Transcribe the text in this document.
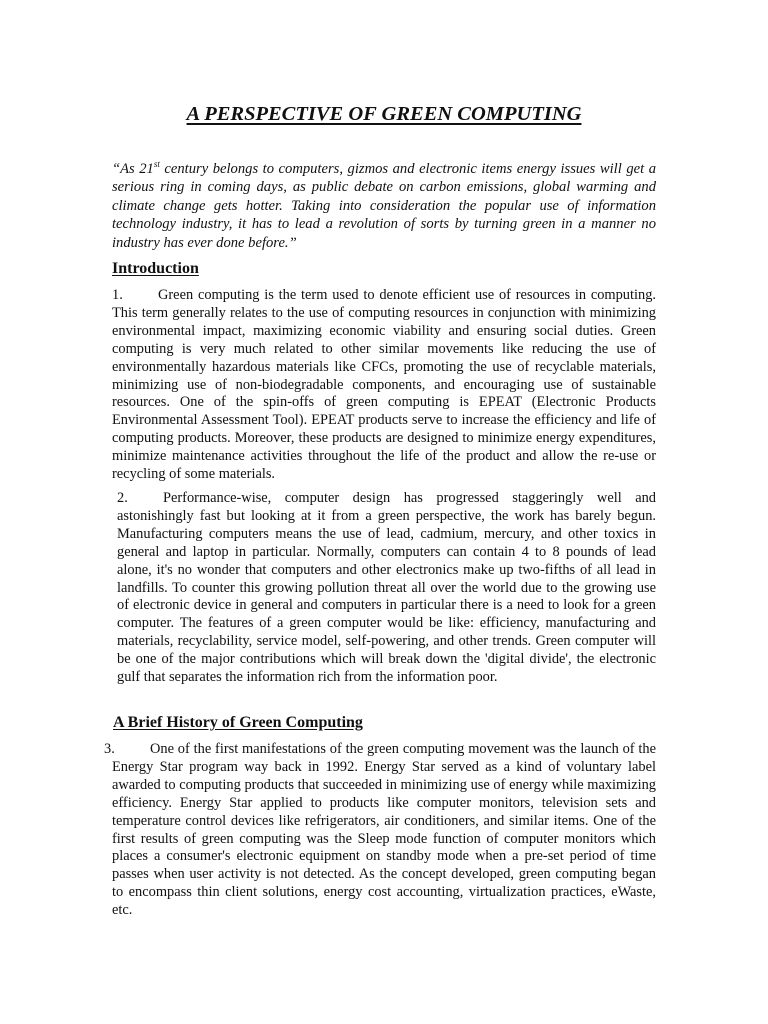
A PERSPECTIVE OF GREEN COMPUTING
“As 21st century belongs to computers, gizmos and electronic items energy issues will get a serious ring in coming days, as public debate on carbon emissions, global warming and climate change gets hotter. Taking into consideration the popular use of information technology industry, it has to lead a revolution of sorts by turning green in a manner no industry has ever done before.”
Introduction
1. Green computing is the term used to denote efficient use of resources in computing. This term generally relates to the use of computing resources in conjunction with minimizing environmental impact, maximizing economic viability and ensuring social duties. Green computing is very much related to other similar movements like reducing the use of environmentally hazardous materials like CFCs, promoting the use of recyclable materials, minimizing use of non-biodegradable components, and encouraging use of sustainable resources. One of the spin-offs of green computing is EPEAT (Electronic Products Environmental Assessment Tool). EPEAT products serve to increase the efficiency and life of computing products. Moreover, these products are designed to minimize energy expenditures, minimize maintenance activities throughout the life of the product and allow the re-use or recycling of some materials.
2. Performance-wise, computer design has progressed staggeringly well and astonishingly fast but looking at it from a green perspective, the work has barely begun. Manufacturing computers means the use of lead, cadmium, mercury, and other toxics in general and laptop in particular. Normally, computers can contain 4 to 8 pounds of lead alone, it's no wonder that computers and other electronics make up two-fifths of all lead in landfills. To counter this growing pollution threat all over the world due to the growing use of electronic device in general and computers in particular there is a need to look for a green computer. The features of a green computer would be like: efficiency, manufacturing and materials, recyclability, service model, self-powering, and other trends. Green computer will be one of the major contributions which will break down the 'digital divide', the electronic gulf that separates the information rich from the information poor.
A Brief History of Green Computing
3. One of the first manifestations of the green computing movement was the launch of the Energy Star program way back in 1992. Energy Star served as a kind of voluntary label awarded to computing products that succeeded in minimizing use of energy while maximizing efficiency. Energy Star applied to products like computer monitors, television sets and temperature control devices like refrigerators, air conditioners, and similar items. One of the first results of green computing was the Sleep mode function of computer monitors which places a consumer's electronic equipment on standby mode when a pre-set period of time passes when user activity is not detected. As the concept developed, green computing began to encompass thin client solutions, energy cost accounting, virtualization practices, eWaste, etc.
